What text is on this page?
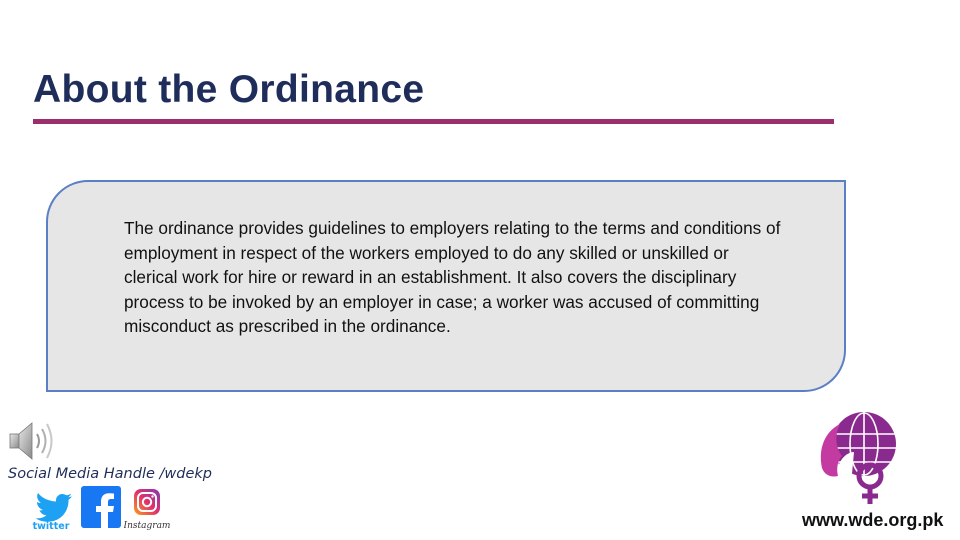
About the Ordinance
The ordinance provides guidelines to employers relating to the terms and conditions of employment in respect of the workers employed to do any skilled or unskilled or clerical work for hire or reward in an establishment. It also covers the disciplinary process to be invoked by an employer in case; a worker was accused of committing misconduct as prescribed in the ordinance.
Social Media Handle /wdekp
twitter	Instagram	www.wde.org.pk
